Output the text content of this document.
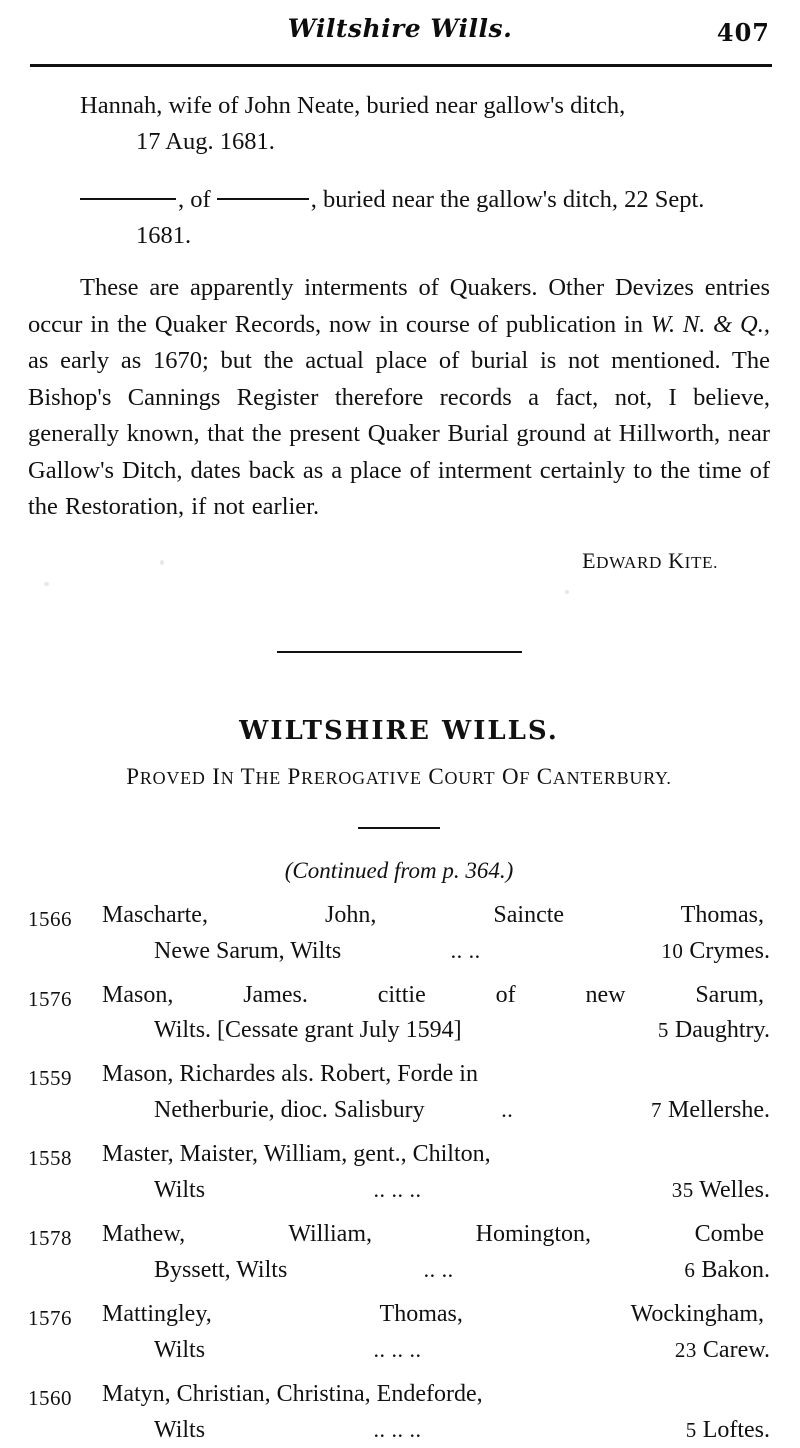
Wiltshire Wills.	407
Hannah, wife of John Neate, buried near gallow's ditch,
17 Aug. 1681.
, of	, buried near the gallow's ditch, 22 Sept.
1681.
These are apparently interments of Quakers. Other Devizes entries occur in the Quaker Records, now in course of publication in W. N. & Q., as early as 1670; but the actual place of burial is not mentioned. The Bishop's Cannings Register therefore records a fact, not, I believe, generally known, that the present Quaker Burial ground at Hillworth, near Gallow's Ditch, dates back as a place of interment certainly to the time of the Restoration, if not earlier.
EDWARD KITE.
WILTSHIRE WILLS.
PROVED IN THE PREROGATIVE COURT OF CANTERBURY.
(Continued from p. 364.)
1566	Mascharte, John, Saincte Thomas,
Newe Sarum, Wilts	.. ..	10 Crymes.
1576	Mason, James. cittie of new Sarum,
Wilts. [Cessate grant July 1594]	5 Daughtry.
1559	Mason, Richardes als. Robert, Forde in
Netherburie, dioc. Salisbury	..	7 Mellershe.
1558	Master, Maister, William, gent., Chilton,
Wilts	.. .. ..	35 Welles.
1578	Mathew, William, Homington, Combe
Byssett, Wilts	.. ..	6 Bakon.
1576	Mattingley, Thomas, Wockingham,
Wilts	.. .. ..	23 Carew.
1560	Matyn, Christian, Christina, Endeforde,
Wilts	.. .. ..	5 Loftes.
